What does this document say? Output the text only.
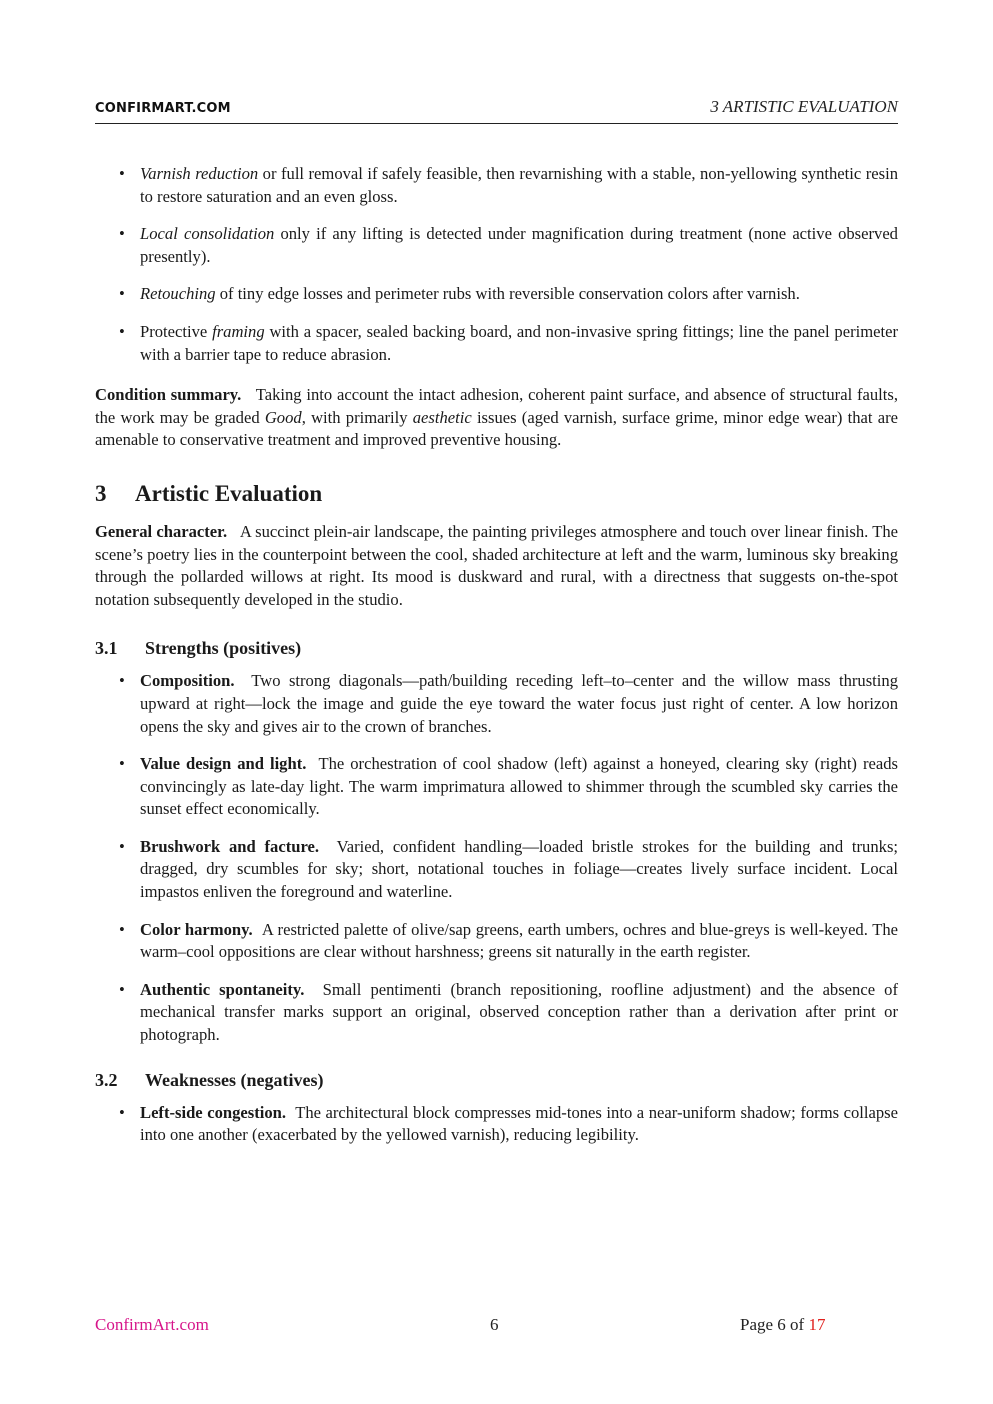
CONFIRMART.COM	3 ARTISTIC EVALUATION
• Varnish reduction or full removal if safely feasible, then revarnishing with a stable, non-yellowing synthetic resin to restore saturation and an even gloss.
• Local consolidation only if any lifting is detected under magnification during treatment (none active observed presently).
• Retouching of tiny edge losses and perimeter rubs with reversible conservation colors after varnish.
• Protective framing with a spacer, sealed backing board, and non-invasive spring fittings; line the panel perimeter with a barrier tape to reduce abrasion.

Condition summary. Taking into account the intact adhesion, coherent paint surface, and absence of structural faults, the work may be graded Good, with primarily aesthetic issues (aged varnish, surface grime, minor edge wear) that are amenable to conservative treatment and improved preventive housing.

3 Artistic Evaluation

General character. A succinct plein-air landscape, the painting privileges atmosphere and touch over linear finish. The scene’s poetry lies in the counterpoint between the cool, shaded architecture at left and the warm, luminous sky breaking through the pollarded willows at right. Its mood is duskward and rural, with a directness that suggests on-the-spot notation subsequently developed in the studio.

3.1 Strengths (positives)
• Composition. Two strong diagonals—path/building receding left–to–center and the willow mass thrusting upward at right—lock the image and guide the eye toward the water focus just right of center. A low horizon opens the sky and gives air to the crown of branches.
• Value design and light. The orchestration of cool shadow (left) against a honeyed, clearing sky (right) reads convincingly as late-day light. The warm imprimatura allowed to shimmer through the scumbled sky carries the sunset effect economically.
• Brushwork and facture. Varied, confident handling—loaded bristle strokes for the building and trunks; dragged, dry scumbles for sky; short, notational touches in foliage—creates lively surface incident. Local impastos enliven the foreground and waterline.
• Color harmony. A restricted palette of olive/sap greens, earth umbers, ochres and blue-greys is well-keyed. The warm–cool oppositions are clear without harshness; greens sit naturally in the earth register.
• Authentic spontaneity. Small pentimenti (branch repositioning, roofline adjustment) and the absence of mechanical transfer marks support an original, observed conception rather than a derivation after print or photograph.
3.2 Weaknesses (negatives)
• Left-side congestion. The architectural block compresses mid-tones into a near-uniform shadow; forms collapse into one another (exacerbated by the yellowed varnish), reducing legibility.
ConfirmArt.com	6	Page 6 of 17
